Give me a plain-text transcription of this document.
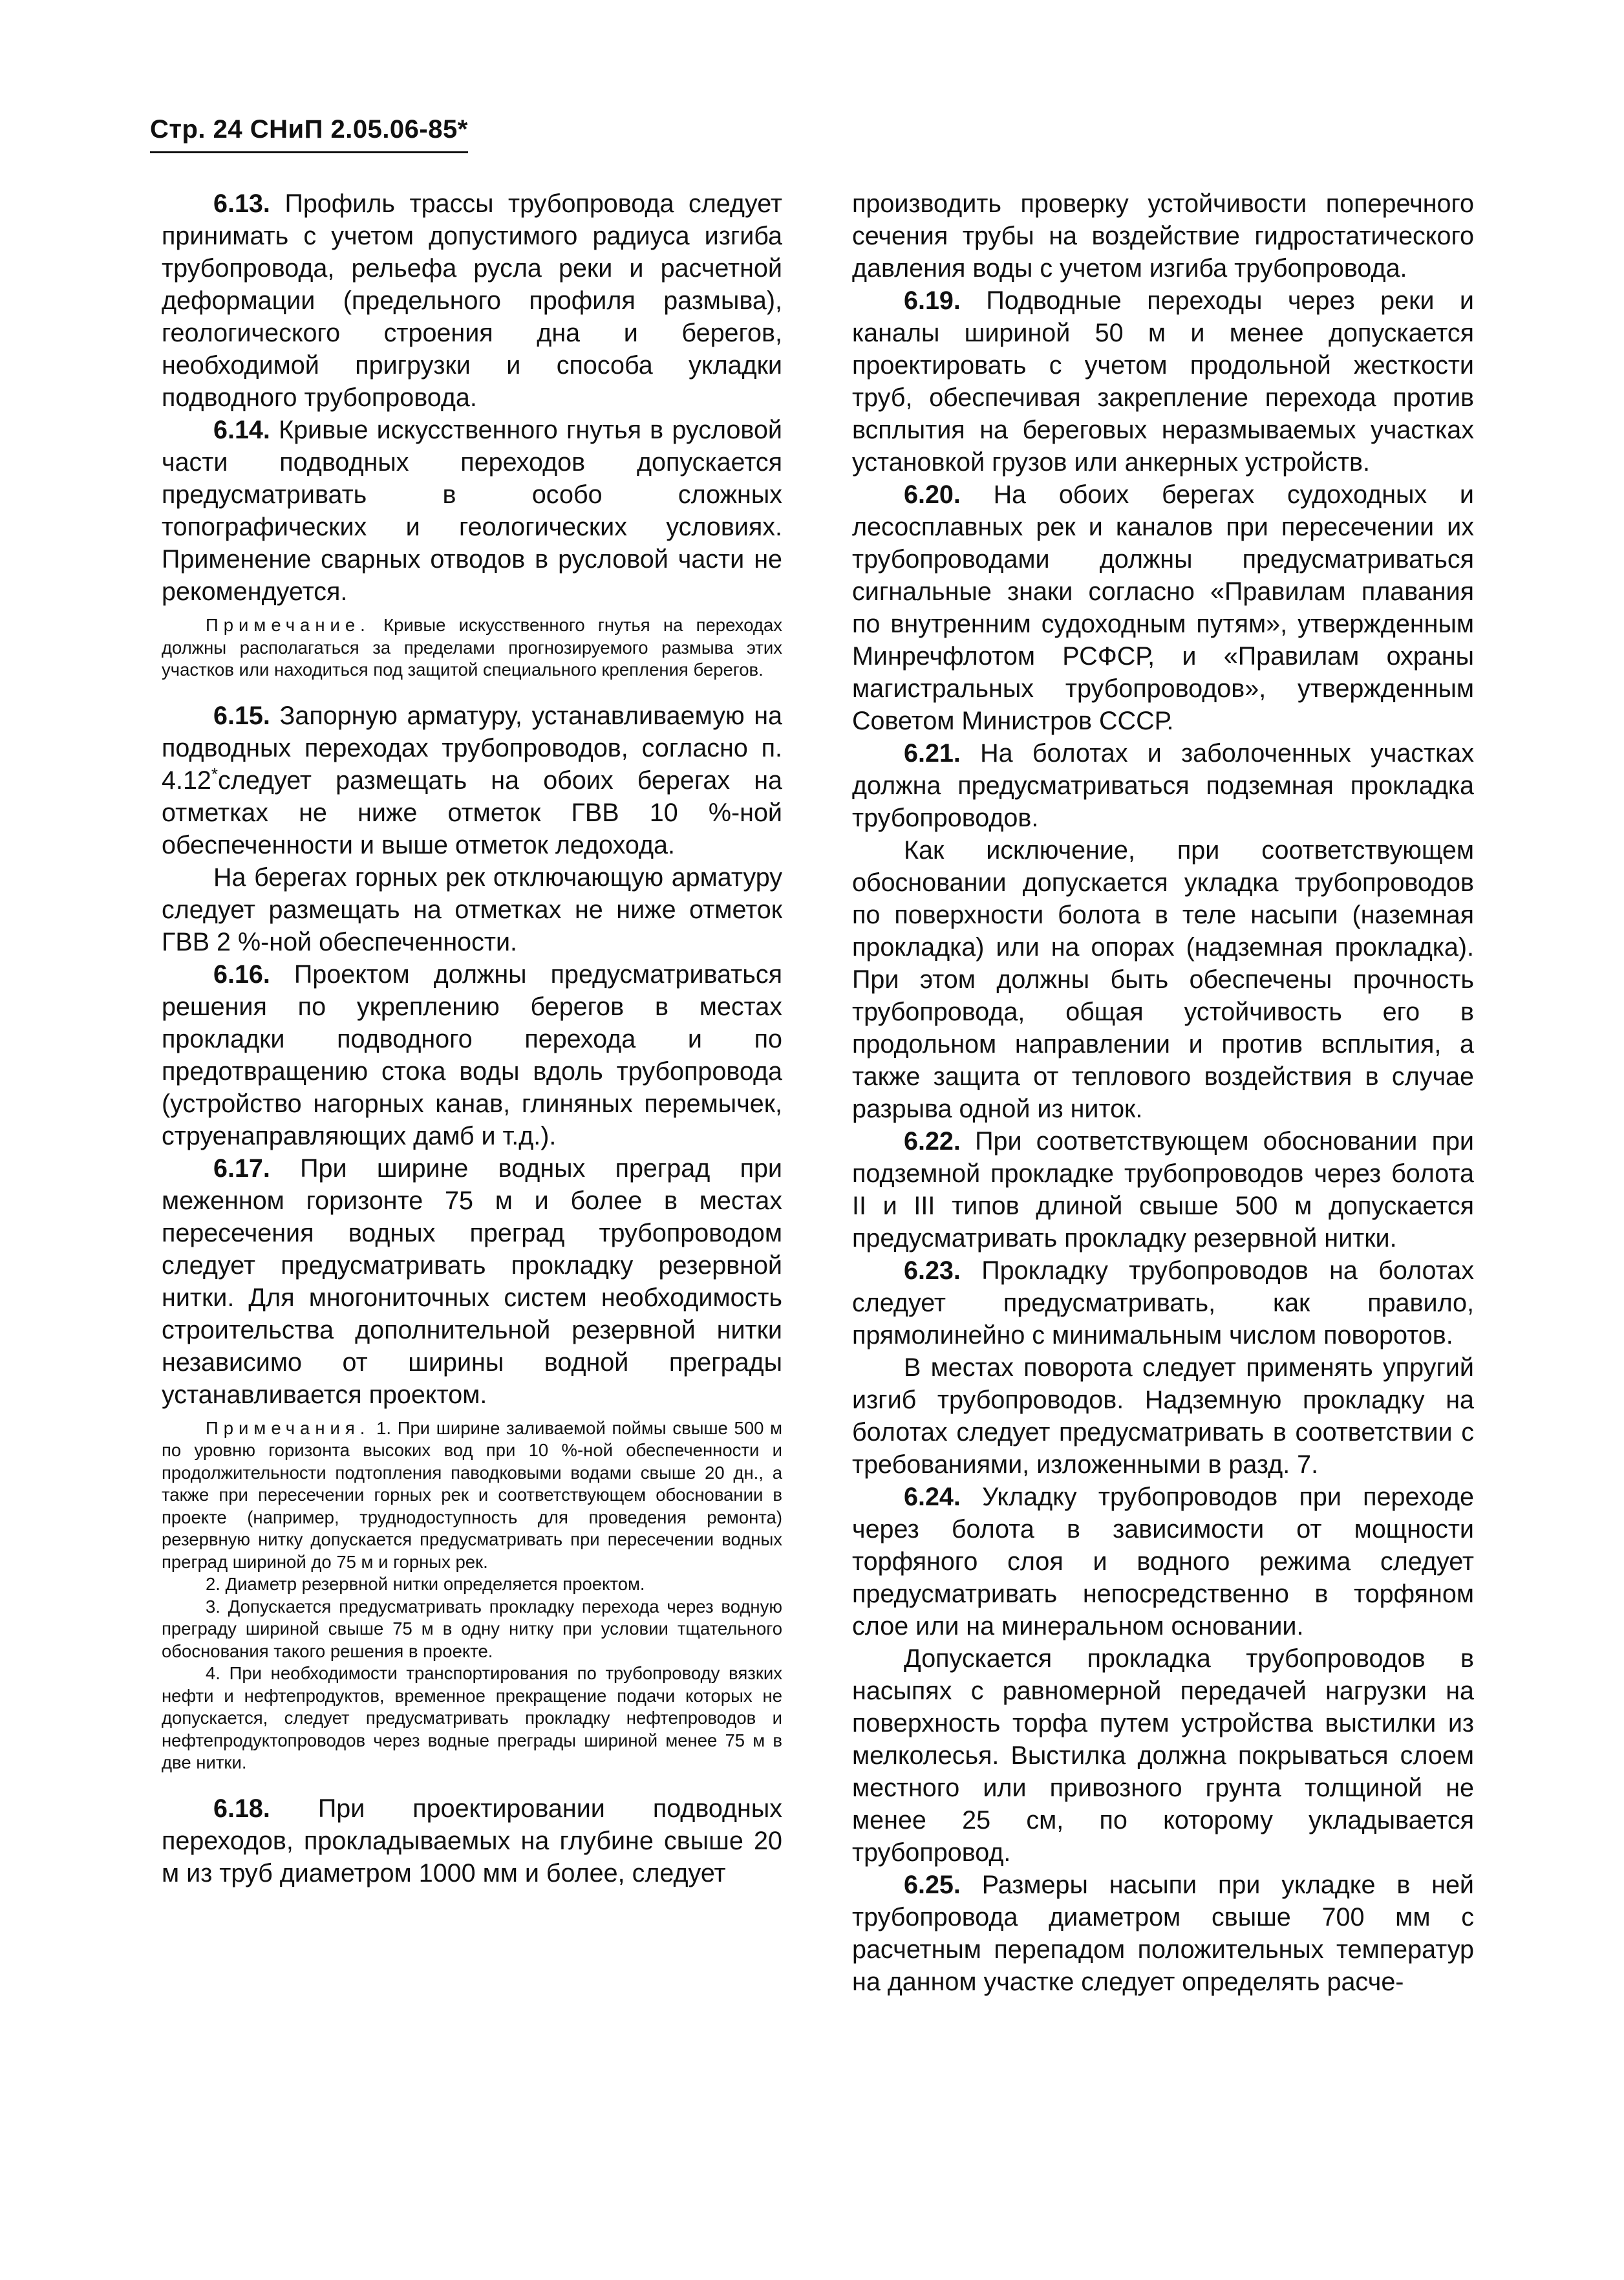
Стр. 24 СНиП 2.05.06-85*

6.13. Профиль трассы трубопровода следует принимать с учетом допустимого радиуса изгиба трубопровода, рельефа русла реки и расчетной деформации (предельного профиля размыва), геологического строения дна и берегов, необходимой пригрузки и способа укладки подводного трубопровода.

6.14. Кривые искусственного гнутья в русловой части подводных переходов допускается предусматривать в особо сложных топографических и геологических условиях. Применение сварных отводов в русловой части не рекомендуется.

Примечание. Кривые искусственного гнутья на переходах должны располагаться за пределами прогнозируемого размыва этих участков или находиться под защитой специального крепления берегов.

6.15. Запорную арматуру, устанавливаемую на подводных переходах трубопроводов, согласно п. 4.12*следует размещать на обоих берегах на отметках не ниже отметок ГВВ 10 %-ной обеспеченности и выше отметок ледохода.

На берегах горных рек отключающую арматуру следует размещать на отметках не ниже отметок ГВВ 2 %-ной обеспеченности.

6.16. Проектом должны предусматриваться решения по укреплению берегов в местах прокладки подводного перехода и по предотвращению стока воды вдоль трубопровода (устройство нагорных канав, глиняных перемычек, струенаправляющих дамб и т.д.).

6.17. При ширине водных преград при меженном горизонте 75 м и более в местах пересечения водных преград трубопроводом следует предусматривать прокладку резервной нитки. Для многониточных систем необходимость строительства дополнительной резервной нитки независимо от ширины водной преграды устанавливается проектом.

Примечания. 1. При ширине заливаемой поймы свыше 500 м по уровню горизонта высоких вод при 10 %-ной обеспеченности и продолжительности подтопления паводковыми водами свыше 20 дн., а также при пересечении горных рек и соответствующем обосновании в проекте (например, труднодоступность для проведения ремонта) резервную нитку допускается предусматривать при пересечении водных преград шириной до 75 м и горных рек.

2. Диаметр резервной нитки определяется проектом.

3. Допускается предусматривать прокладку перехода через водную преграду шириной свыше 75 м в одну нитку при условии тщательного обоснования такого решения в проекте.

4. При необходимости транспортирования по трубопроводу вязких нефти и нефтепродуктов, временное прекращение подачи которых не допускается, следует предусматривать прокладку нефтепроводов и нефтепродуктопроводов через водные преграды шириной менее 75 м в две нитки.

6.18. При проектировании подводных переходов, прокладываемых на глубине свыше 20 м из труб диаметром 1000 мм и более, следует

производить проверку устойчивости поперечного сечения трубы на воздействие гидростатического давления воды с учетом изгиба трубопровода.

6.19. Подводные переходы через реки и каналы шириной 50 м и менее допускается проектировать с учетом продольной жесткости труб, обеспечивая закрепление перехода против всплытия на береговых неразмываемых участках установкой грузов или анкерных устройств.

6.20. На обоих берегах судоходных и лесосплавных рек и каналов при пересечении их трубопроводами должны предусматриваться сигнальные знаки согласно «Правилам плавания по внутренним судоходным путям», утвержденным Минречфлотом РСФСР, и «Правилам охраны магистральных трубопроводов», утвержденным Советом Министров СССР.

6.21. На болотах и заболоченных участках должна предусматриваться подземная прокладка трубопроводов.

Как исключение, при соответствующем обосновании допускается укладка трубопроводов по поверхности болота в теле насыпи (наземная прокладка) или на опорах (надземная прокладка). При этом должны быть обеспечены прочность трубопровода, общая устойчивость его в продольном направлении и против всплытия, а также защита от теплового воздействия в случае разрыва одной из ниток.

6.22. При соответствующем обосновании при подземной прокладке трубопроводов через болота II и III типов длиной свыше 500 м допускается предусматривать прокладку резервной нитки.

6.23. Прокладку трубопроводов на болотах следует предусматривать, как правило, прямолинейно с минимальным числом поворотов.

В местах поворота следует применять упругий изгиб трубопроводов. Надземную прокладку на болотах следует предусматривать в соответствии с требованиями, изложенными в разд. 7.

6.24. Укладку трубопроводов при переходе через болота в зависимости от мощности торфяного слоя и водного режима следует предусматривать непосредственно в торфяном слое или на минеральном основании.

Допускается прокладка трубопроводов в насыпях с равномерной передачей нагрузки на поверхность торфа путем устройства выстилки из мелколесья. Выстилка должна покрываться слоем местного или привозного грунта толщиной не менее 25 см, по которому укладывается трубопровод.

6.25. Размеры насыпи при укладке в ней трубопровода диаметром свыше 700 мм с расчетным перепадом положительных температур на данном участке следует определять расче-
